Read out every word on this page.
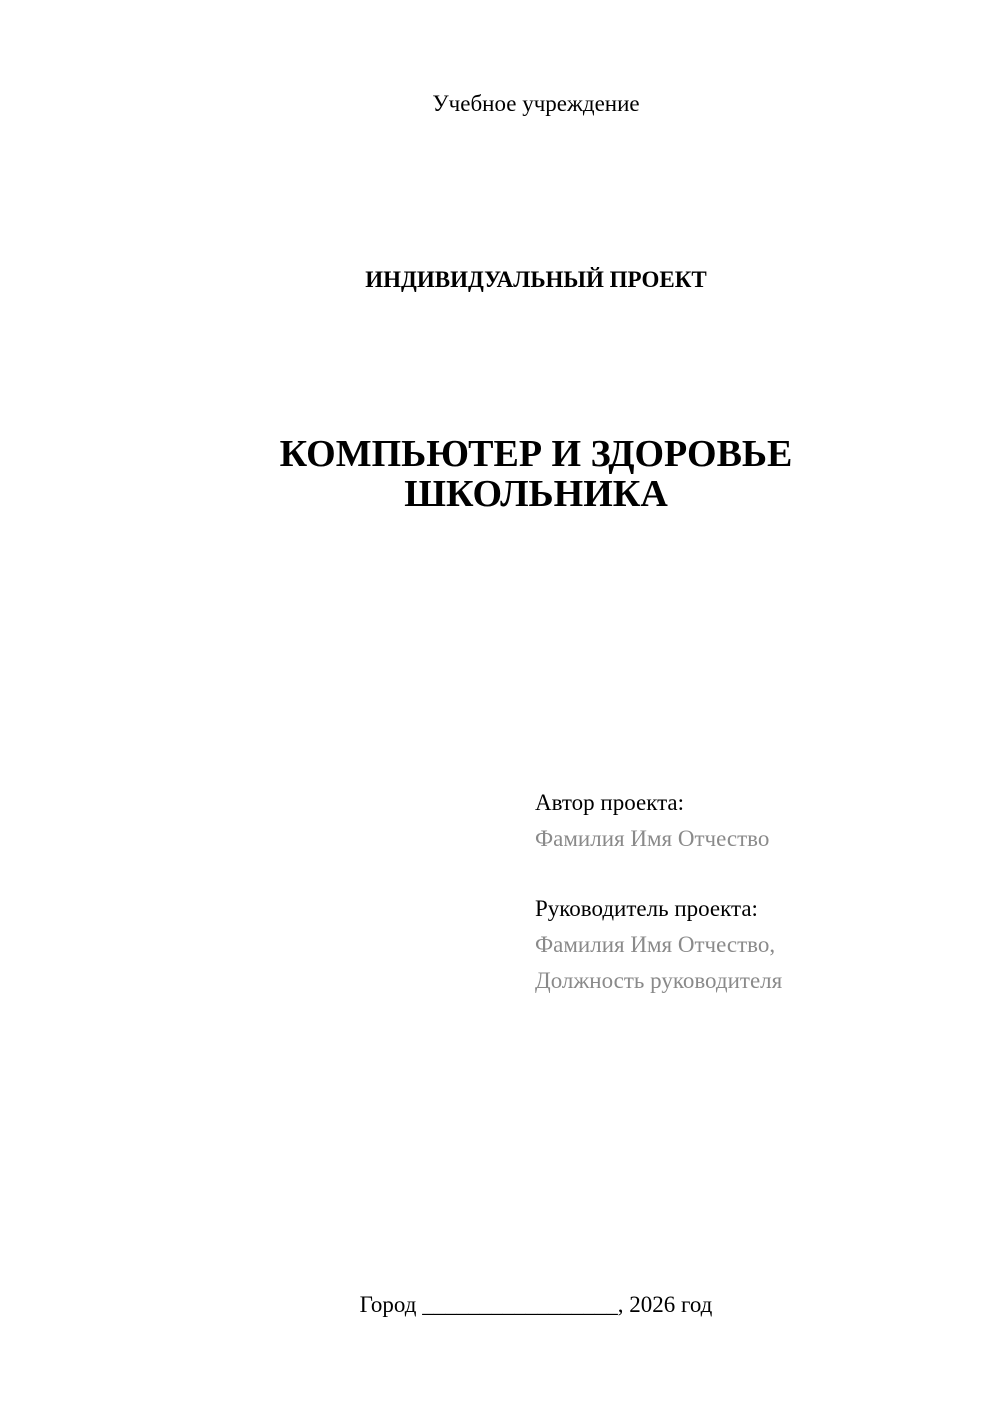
Учебное учреждение
ИНДИВИДУАЛЬНЫЙ ПРОЕКТ
КОМПЬЮТЕР И ЗДОРОВЬЕ
ШКОЛЬНИКА
Автор проекта:
Фамилия Имя Отчество
Руководитель проекта:
Фамилия Имя Отчество,
Должность руководителя
Город _________________, 2026 год
